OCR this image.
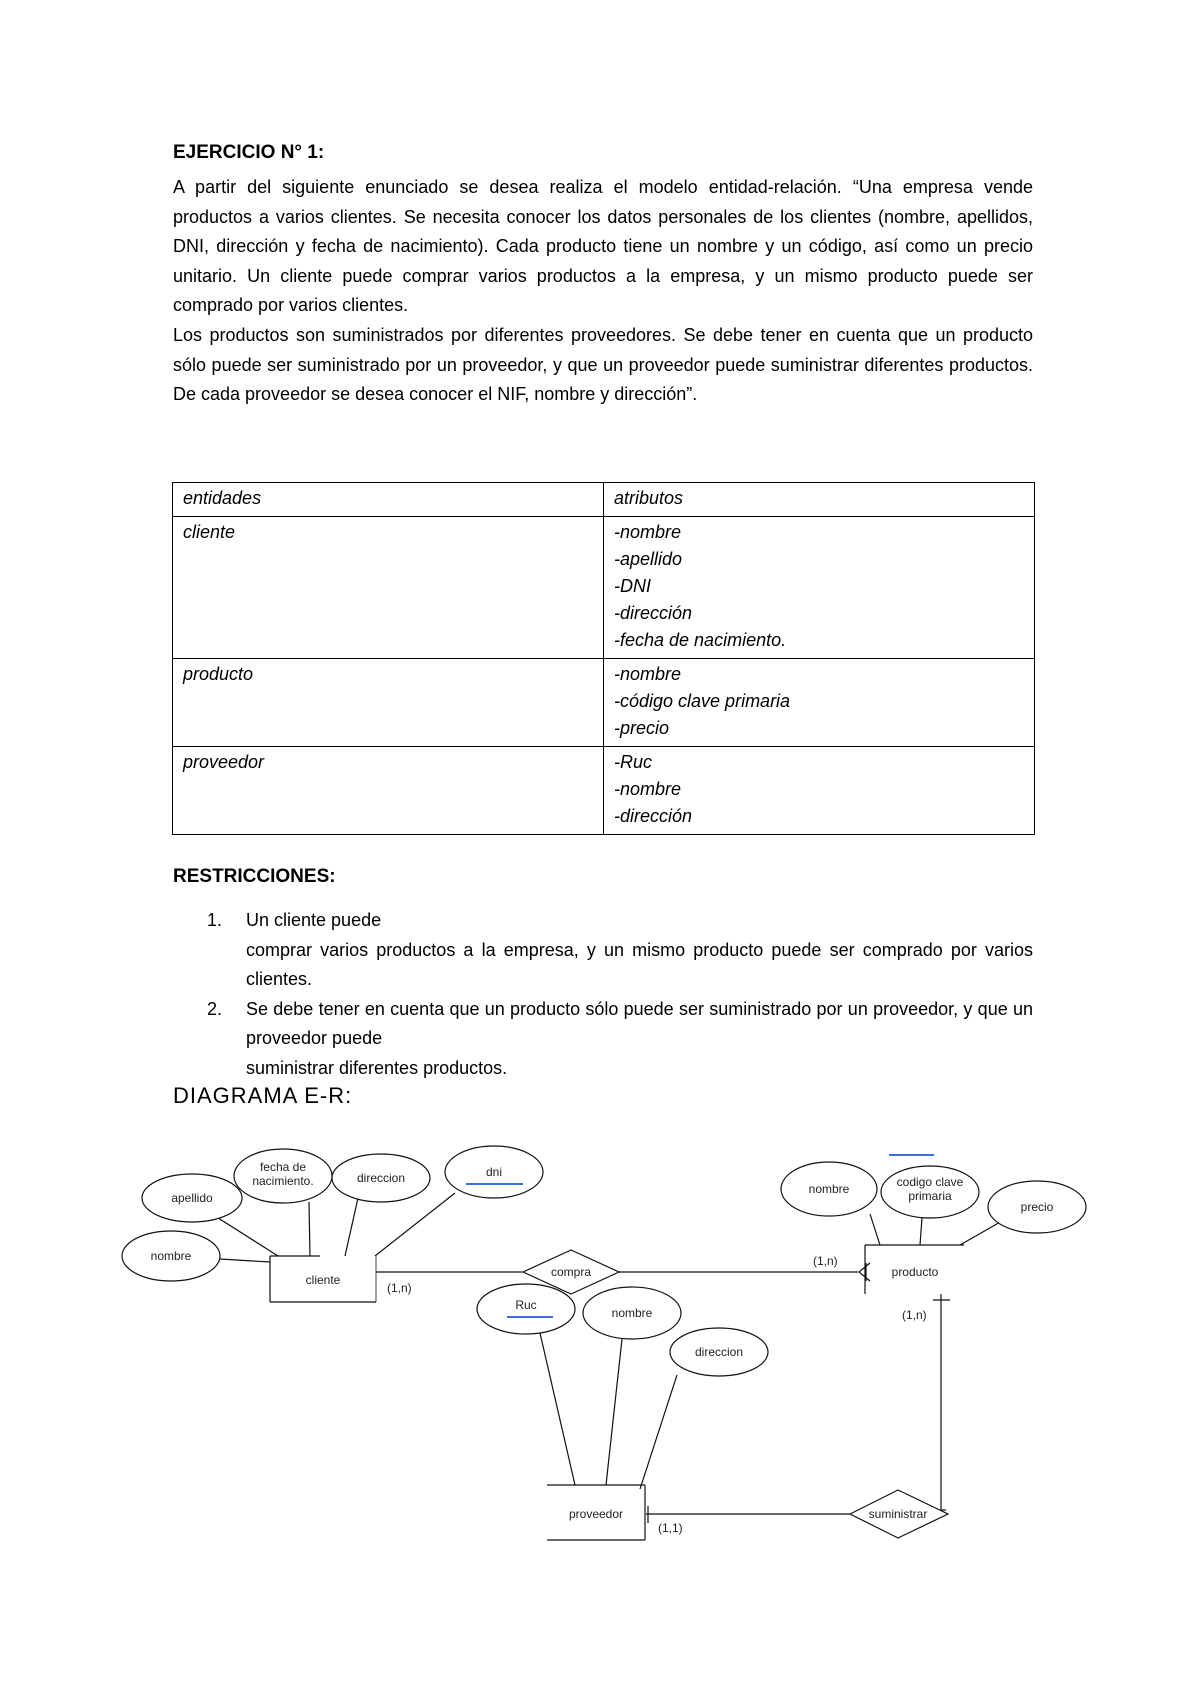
EJERCICIO N° 1:

A partir del siguiente enunciado se desea realiza el modelo entidad-relación. “Una empresa vende productos a varios clientes. Se necesita conocer los datos personales de los clientes (nombre, apellidos, DNI, dirección y fecha de nacimiento). Cada producto tiene un nombre y un código, así como un precio unitario. Un cliente puede comprar varios productos a la empresa, y un mismo producto puede ser comprado por varios clientes.

Los productos son suministrados por diferentes proveedores. Se debe tener en cuenta que un producto sólo puede ser suministrado por un proveedor, y que un proveedor puede suministrar diferentes productos. De cada proveedor se desea conocer el NIF, nombre y dirección”.

entidades	atributos
cliente	-nombre
-apellido
-DNI
-dirección
-fecha de nacimiento.

producto	-nombre
-código clave primaria
-precio

proveedor	-Ruc
-nombre
-dirección
RESTRICCIONES:
1. Un cliente puede
comprar varios productos a la empresa, y un mismo producto puede ser comprado por varios clientes.
2. Se debe tener en cuenta que un producto sólo puede ser suministrado por un proveedor, y que un proveedor puede
suministrar diferentes productos.
DIAGRAMA E-R:
cliente
producto
proveedor
compra
suministrar
apellido
fecha de
nacimiento.	direccion	dni
nombre
nombre	codigo clave
primaria
precio
Ruc
nombre
direccion
(1,n)
(1,n)
(1,n)
(1,1)
